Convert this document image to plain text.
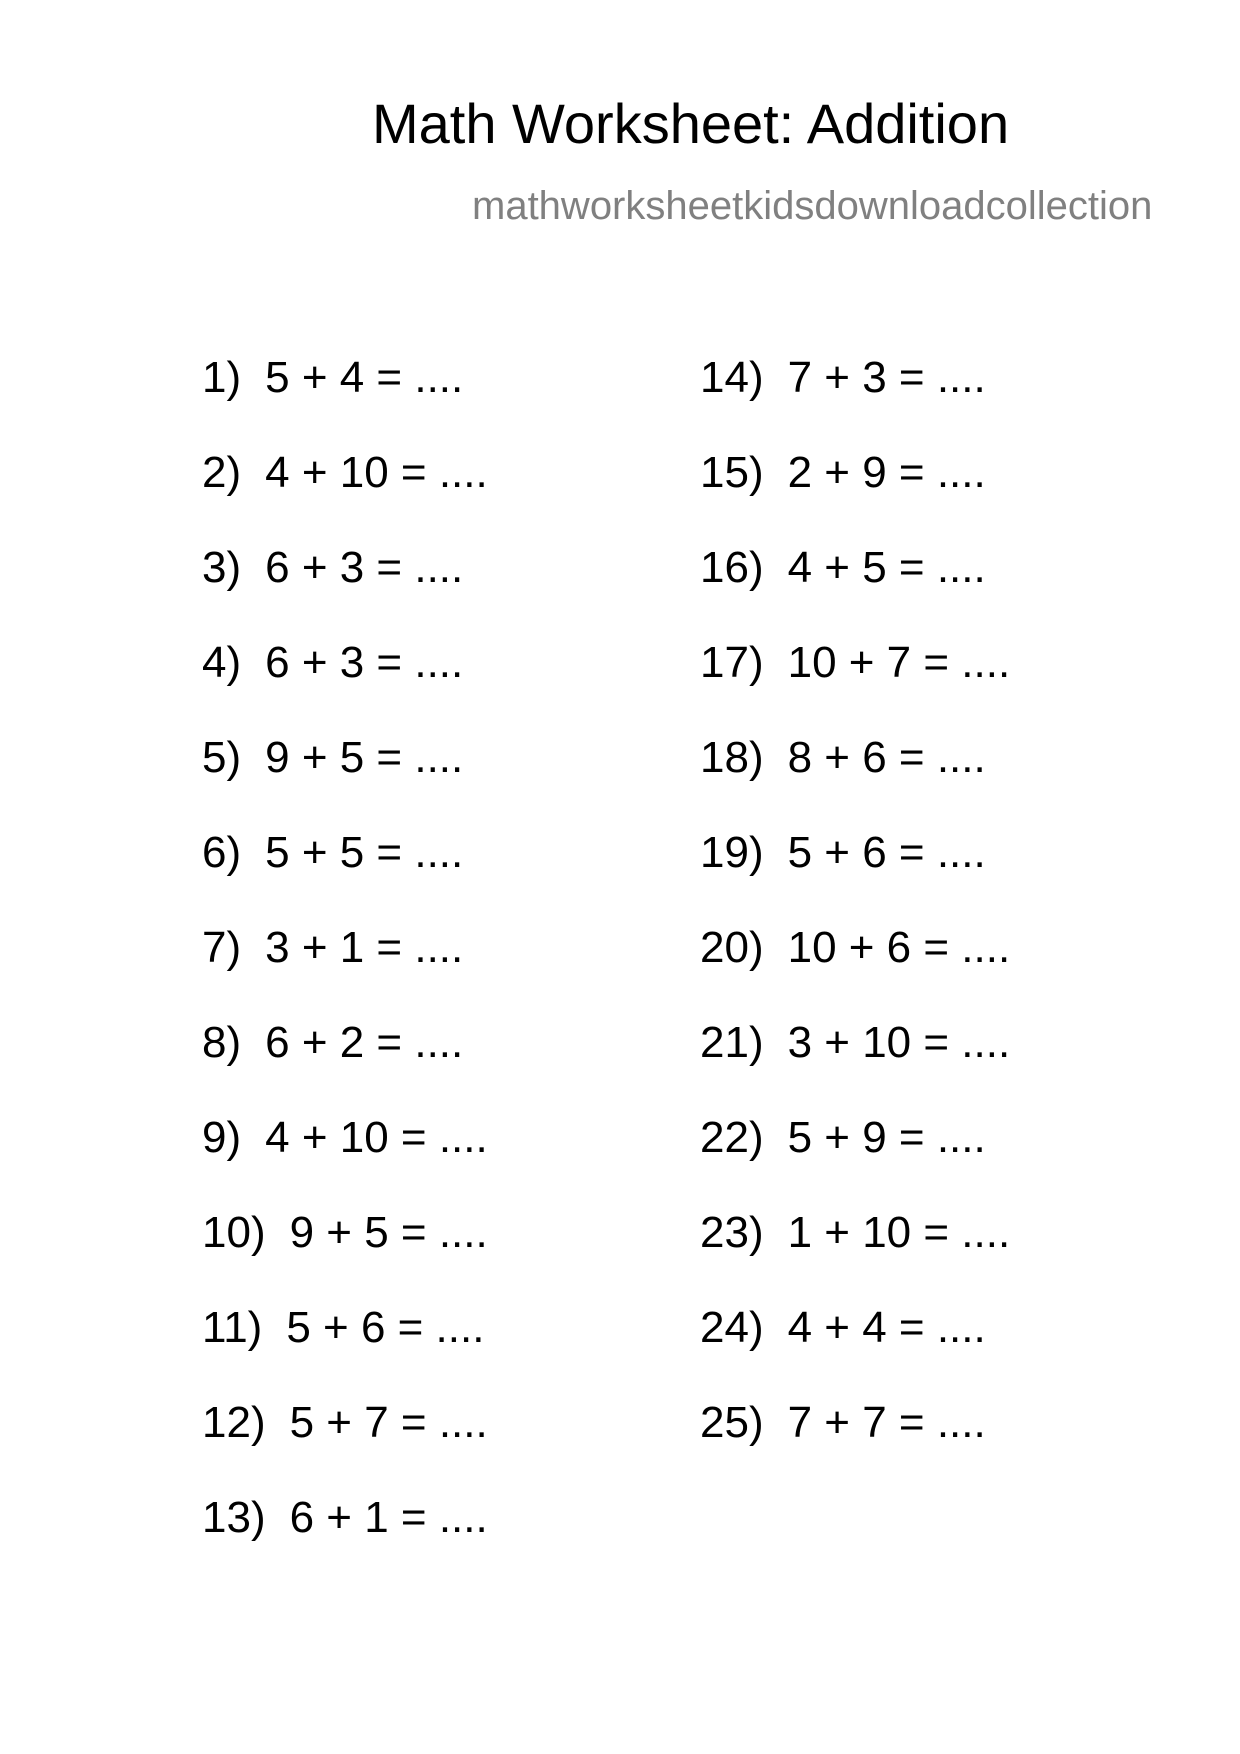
Math Worksheet: Addition
mathworksheetkidsdownloadcollection
1) 5 + 4 = ....
2) 4 + 10 = ....
3) 6 + 3 = ....
4) 6 + 3 = ....
5) 9 + 5 = ....
6) 5 + 5 = ....
7) 3 + 1 = ....
8) 6 + 2 = ....
9) 4 + 10 = ....
10) 9 + 5 = ....
11) 5 + 6 = ....
12) 5 + 7 = ....
13) 6 + 1 = ....
14) 7 + 3 = ....
15) 2 + 9 = ....
16) 4 + 5 = ....
17) 10 + 7 = ....
18) 8 + 6 = ....
19) 5 + 6 = ....
20) 10 + 6 = ....
21) 3 + 10 = ....
22) 5 + 9 = ....
23) 1 + 10 = ....
24) 4 + 4 = ....
25) 7 + 7 = ....
